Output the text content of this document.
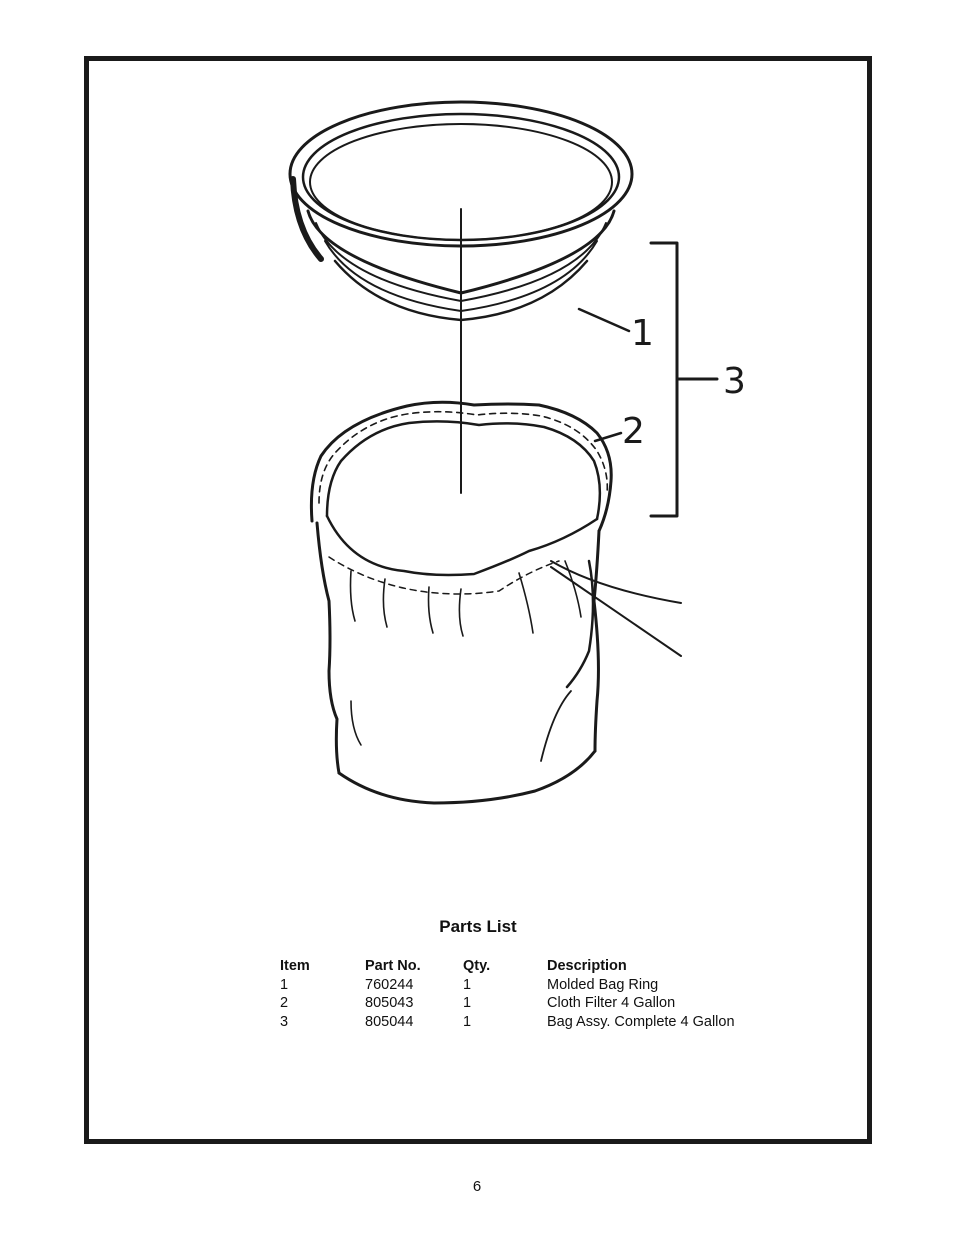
1
2
3
Parts List
Item	Part No.	Qty.	Description
1	760244	1	Molded Bag Ring
2	805043	1	Cloth Filter 4 Gallon
3	805044	1	Bag Assy. Complete 4 Gallon
6
